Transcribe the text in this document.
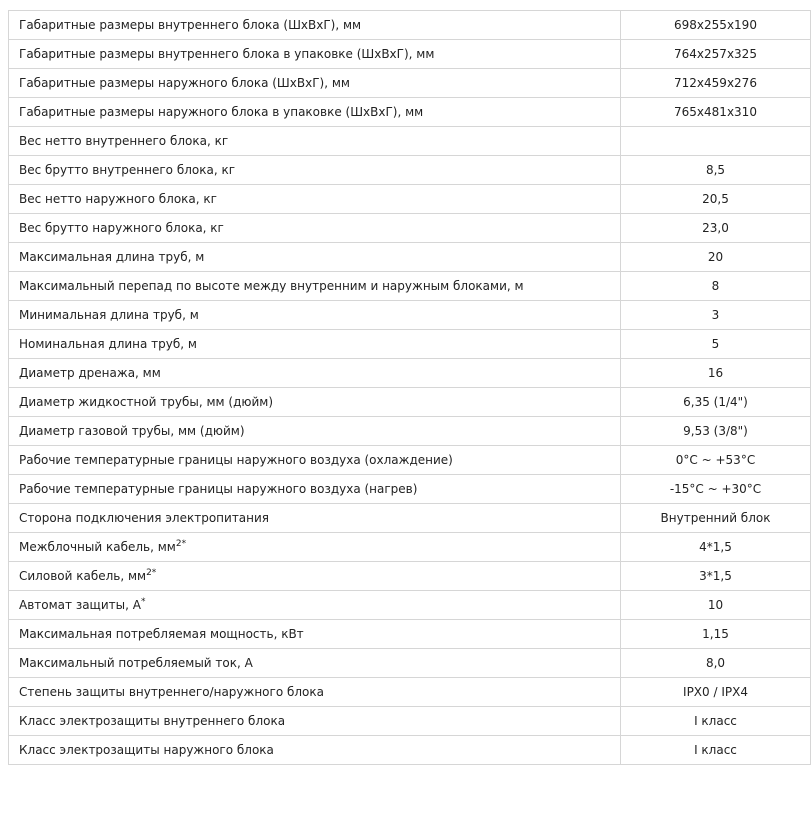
Габаритные размеры внутреннего блока (ШхВхГ), мм	698x255x190
Габаритные размеры внутреннего блока в упаковке (ШхВхГ), мм	764x257x325
Габаритные размеры наружного блока (ШхВхГ), мм	712x459x276
Габаритные размеры наружного блока в упаковке (ШхВхГ), мм	765x481x310
Вес нетто внутреннего блока, кг	
Вес брутто внутреннего блока, кг	8,5
Вес нетто наружного блока, кг	20,5
Вес брутто наружного блока, кг	23,0
Максимальная длина труб, м	20
Максимальный перепад по высоте между внутренним и наружным блоками, м	8
Минимальная длина труб, м	3
Номинальная длина труб, м	5
Диаметр дренажа, мм	16
Диаметр жидкостной трубы, мм (дюйм)	6,35 (1/4")
Диаметр газовой трубы, мм (дюйм)	9,53 (3/8")
Рабочие температурные границы наружного воздуха (охлаждение)	0°C ~ +53°C
Рабочие температурные границы наружного воздуха (нагрев)	-15°C ~ +30°C
Сторона подключения электропитания	Внутренний блок
Межблочный кабель, $мм^{2*}$	4*1,5
Силовой кабель, $мм^{2*}$	3*1,5
Автомат защиты, А*	10
Максимальная потребляемая мощность, кВт	1,15
Максимальный потребляемый ток, А	8,0
Степень защиты внутреннего/наружного блока	IPX0 / IPX4
Класс электрозащиты внутреннего блока	I класс
Класс электрозащиты наружного блока	I класс
